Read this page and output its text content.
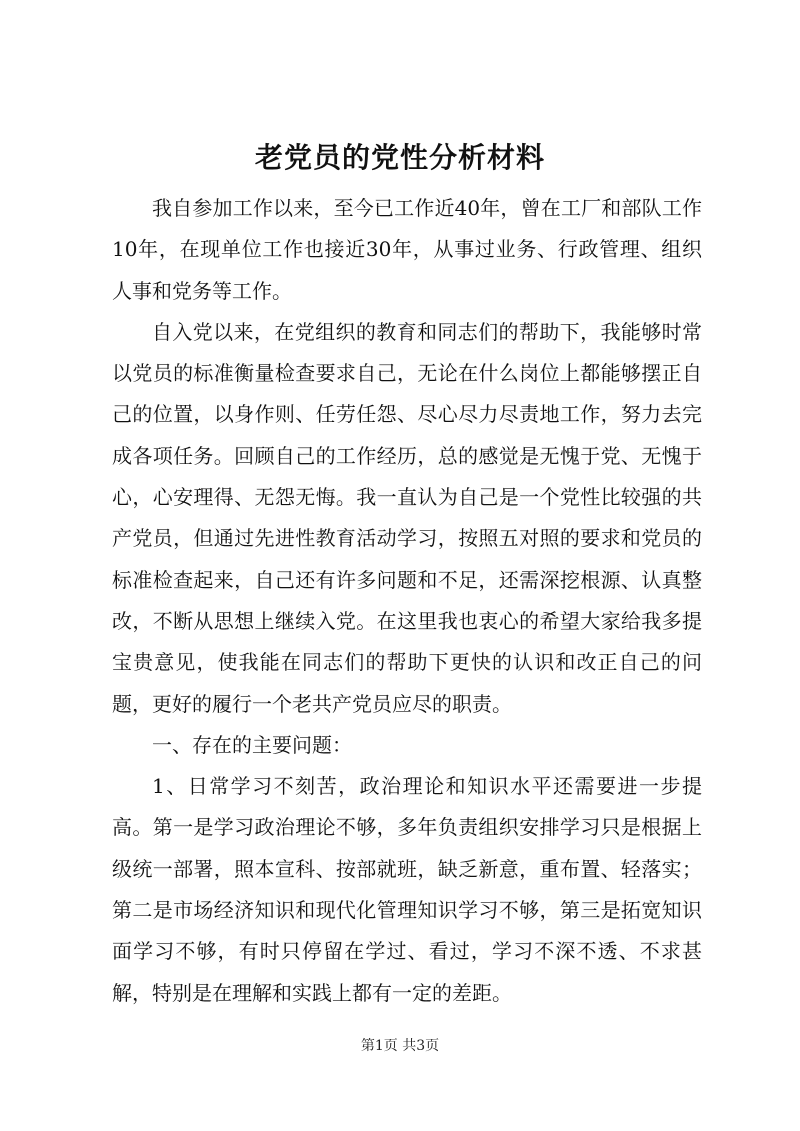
老党员的党性分析材料

我自参加工作以来，至今已工作近40年，曾在工厂和部队工作10年，在现单位工作也接近30年，从事过业务、行政管理、组织人事和党务等工作。

自入党以来，在党组织的教育和同志们的帮助下，我能够时常以党员的标准衡量检查要求自己，无论在什么岗位上都能够摆正自己的位置，以身作则、任劳任怨、尽心尽力尽责地工作，努力去完成各项任务。回顾自己的工作经历，总的感觉是无愧于党、无愧于心，心安理得、无怨无悔。我一直认为自己是一个党性比较强的共产党员，但通过先进性教育活动学习，按照五对照的要求和党员的标准检查起来，自己还有许多问题和不足，还需深挖根源、认真整改，不断从思想上继续入党。在这里我也衷心的希望大家给我多提宝贵意见，使我能在同志们的帮助下更快的认识和改正自己的问题，更好的履行一个老共产党员应尽的职责。

一、存在的主要问题：

1、日常学习不刻苦，政治理论和知识水平还需要进一步提高。第一是学习政治理论不够，多年负责组织安排学习只是根据上级统一部署，照本宣科、按部就班，缺乏新意，重布置、轻落实；第二是市场经济知识和现代化管理知识学习不够，第三是拓宽知识面学习不够，有时只停留在学过、看过，学习不深不透、不求甚解，特别是在理解和实践上都有一定的差距。

第1页 共3页
